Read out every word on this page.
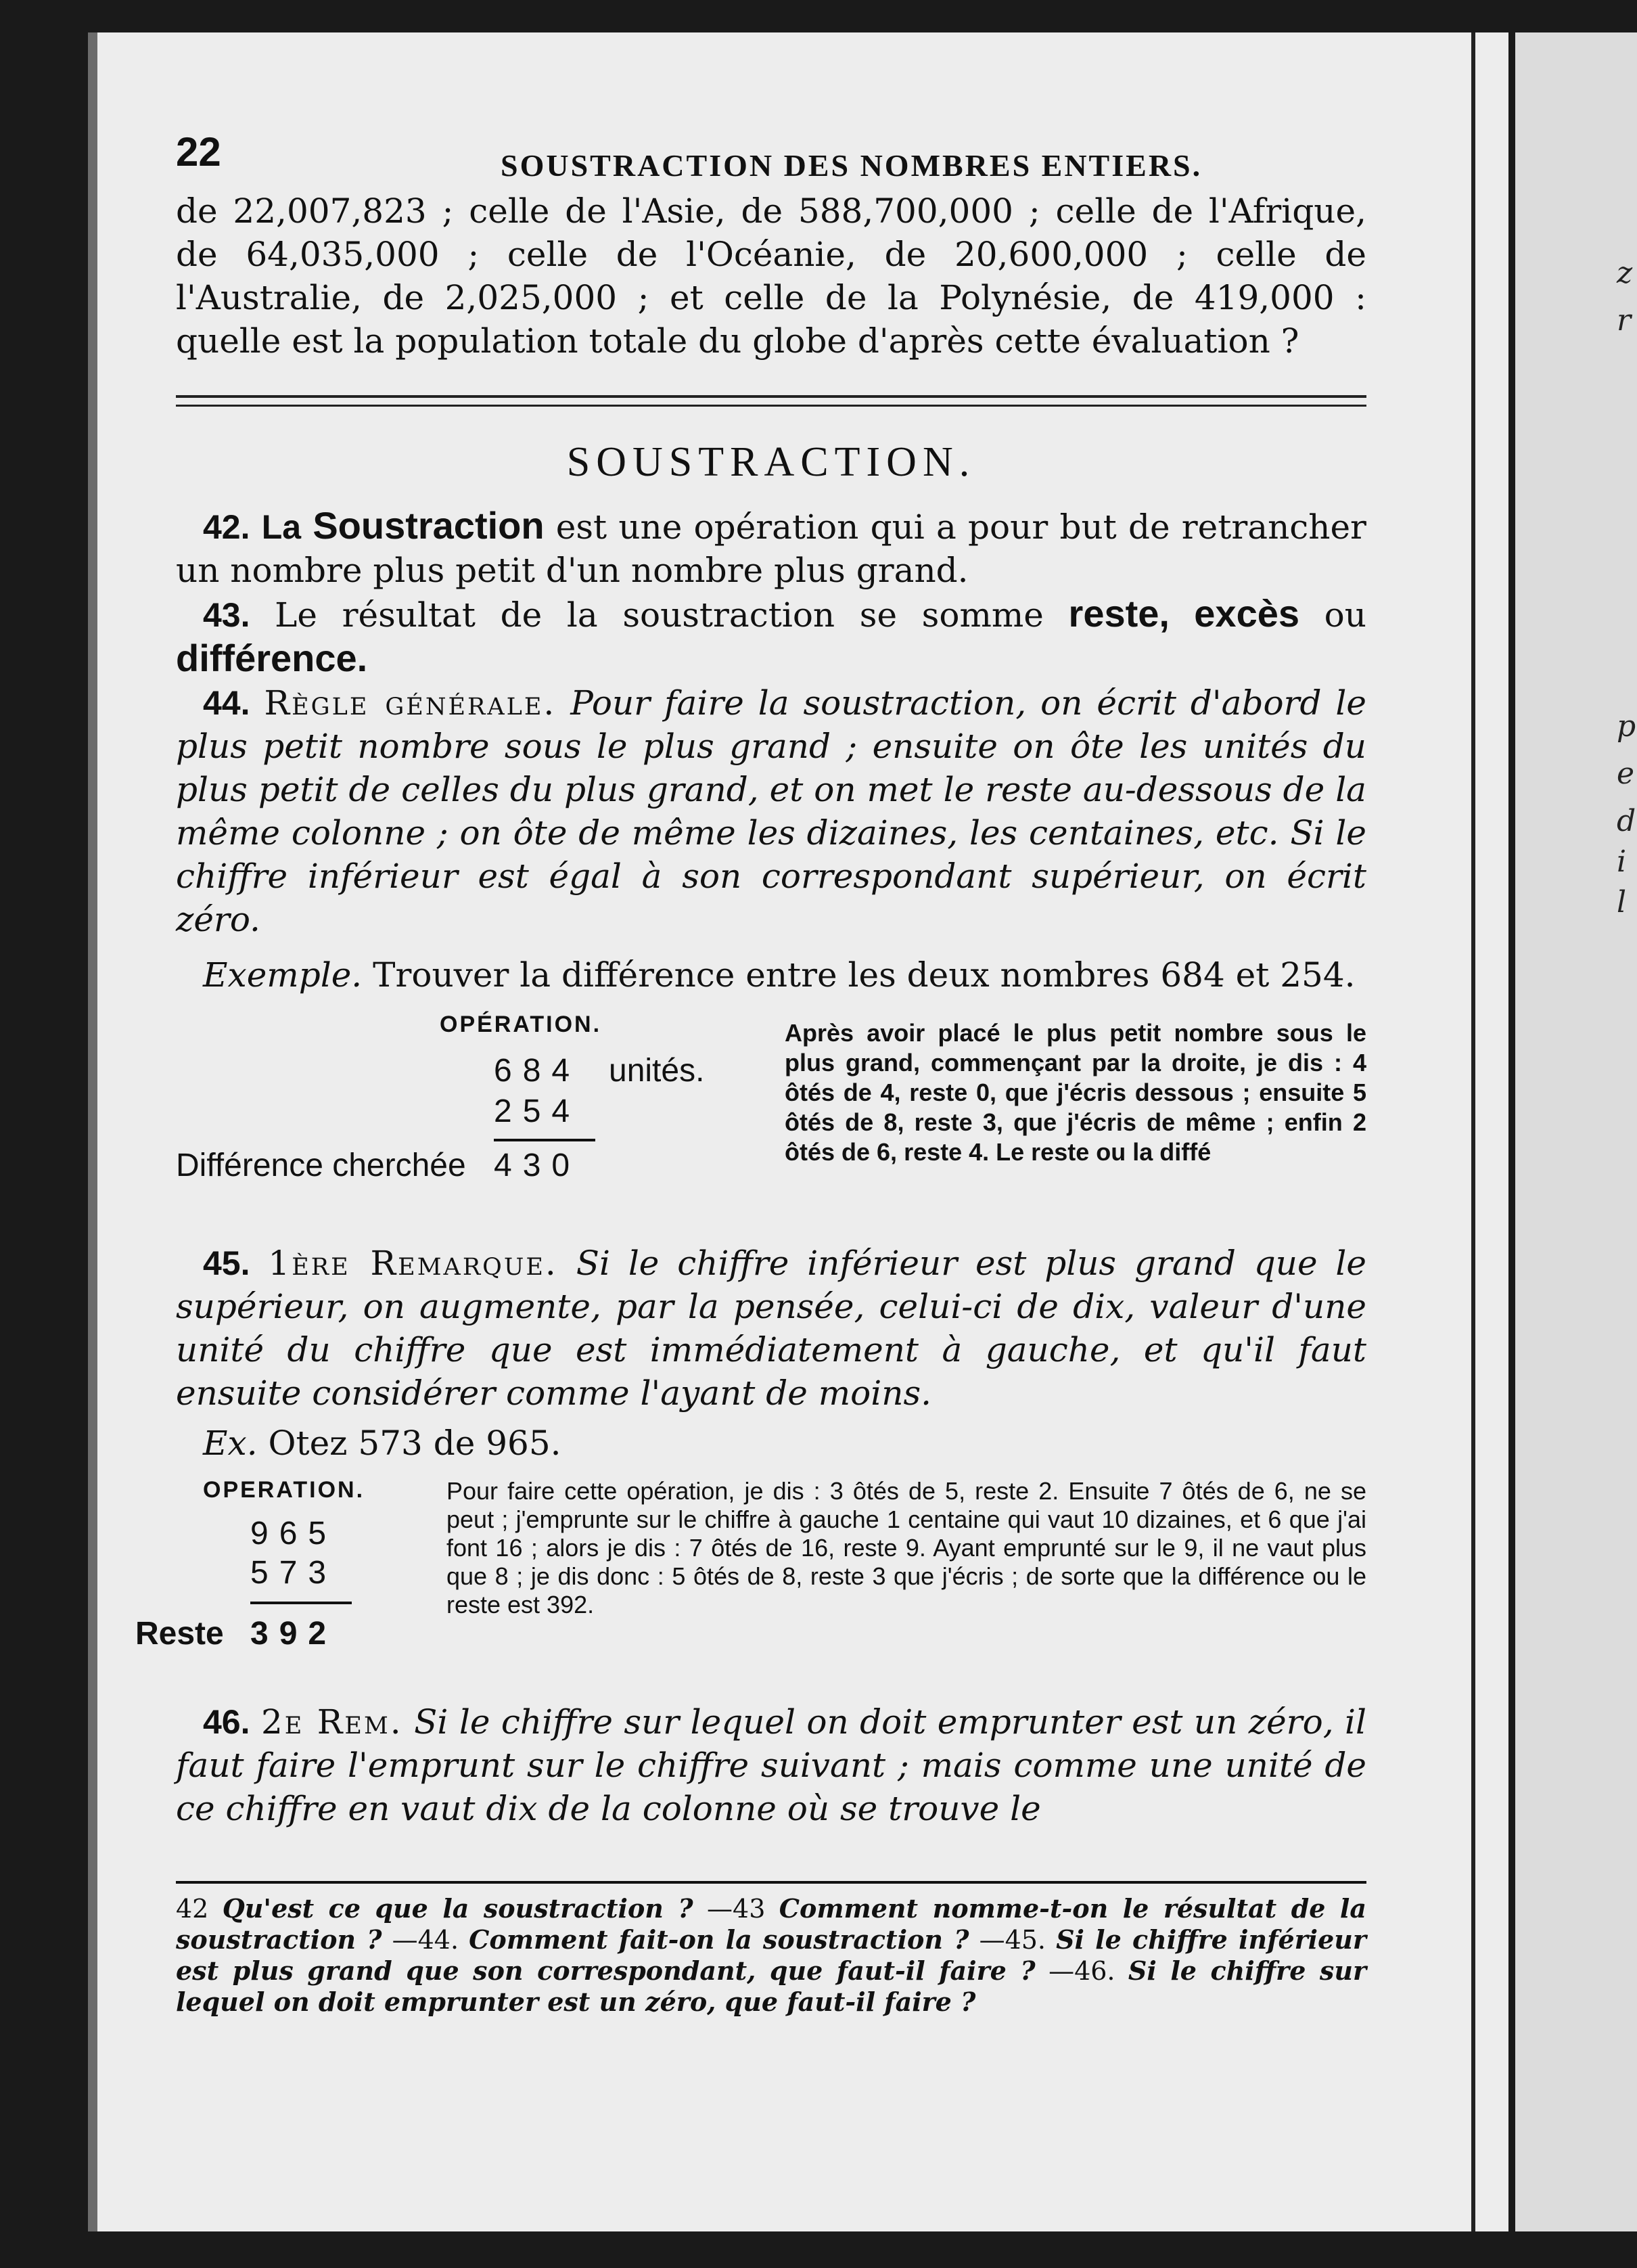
z
r
p
e
d
i
l
22	SOUSTRACTION DES NOMBRES ENTIERS.

de 22,007,823 ; celle de l'Asie, de 588,700,000 ; celle de l'Afrique, de 64,035,000 ; celle de l'Océanie, de 20,600,000 ; celle de l'Australie, de 2,025,000 ; et celle de la Polynésie, de 419,000 : quelle est la population totale du globe d'après cette évaluation ?

SOUSTRACTION.

42. La Soustraction est une opération qui a pour but de retrancher un nombre plus petit d'un nombre plus grand.

43. Le résultat de la soustraction se somme reste, excès ou différence.

44. Règle générale. Pour faire la soustraction, on écrit d'abord le plus petit nombre sous le plus grand ; ensuite on ôte les unités du plus petit de celles du plus grand, et on met le reste au-dessous de la même colonne ; on ôte de même les dizaines, les centaines, etc. Si le chiffre inférieur est égal à son correspondant supérieur, on écrit zéro.

Exemple. Trouver la différence entre les deux nombres 684 et 254.

OPÉRATION.
684 unités.
254
Différence cherchée 430
Après avoir placé le plus petit nombre sous le plus grand, commençant par la droite, je dis : 4 ôtés de 4, reste 0, que j'écris dessous ; ensuite 5 ôtés de 8, reste 3, que j'écris de même ; enfin 2 ôtés de 6, reste 4. Le reste ou la diffé

45. 1ère Remarque. Si le chiffre inférieur est plus grand que le supérieur, on augmente, par la pensée, celui-ci de dix, valeur d'une unité du chiffre que est immédiatement à gauche, et qu'il faut ensuite considérer comme l'ayant de moins.

Ex. Otez 573 de 965.

OPERATION.
965
573
Reste 392
Pour faire cette opération, je dis : 3 ôtés de 5, reste 2. Ensuite 7 ôtés de 6, ne se peut ; j'emprunte sur le chiffre à gauche 1 centaine qui vaut 10 dizaines, et 6 que j'ai font 16 ; alors je dis : 7 ôtés de 16, reste 9. Ayant emprunté sur le 9, il ne vaut plus que 8 ; je dis donc : 5 ôtés de 8, reste 3 que j'écris ; de sorte que la différence ou le reste est 392.

46. 2e Rem. Si le chiffre sur lequel on doit emprunter est un zéro, il faut faire l'emprunt sur le chiffre suivant ; mais comme une unité de ce chiffre en vaut dix de la colonne où se trouve le

42 Qu'est ce que la soustraction ? —43 Comment nomme-t-on le résultat de la soustraction ? —44. Comment fait-on la soustraction ? —45. Si le chiffre inférieur est plus grand que son correspondant, que faut-il faire ? —46. Si le chiffre sur lequel on doit emprunter est un zéro, que faut-il faire ?
